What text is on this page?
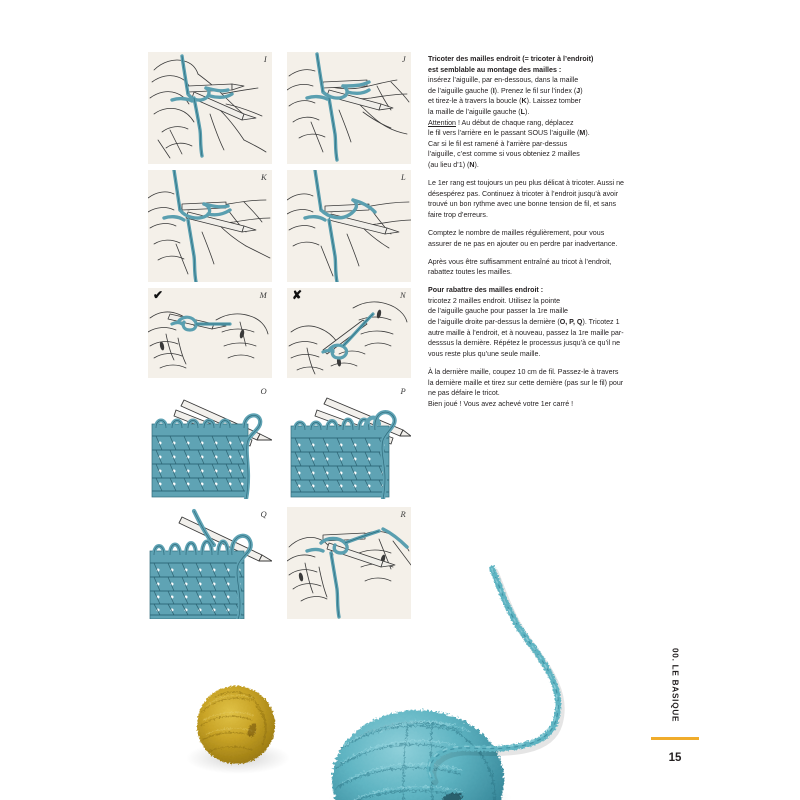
I	J
K	L
✔	M ✘	N
O	P
Q	R

Tricoter des mailles endroit (= tricoter à l’endroit)
est semblable au montage des mailles :
insérez l’aiguille, par en-dessous, dans la maille
de l’aiguille gauche (I). Prenez le fil sur l’index (J)
et tirez-le à travers la boucle (K). Laissez tomber
la maille de l’aiguille gauche (L).
Attention ! Au début de chaque rang, déplacez
le fil vers l’arrière en le passant SOUS l’aiguille (M).
Car si le fil est ramené à l’arrière par-dessus
l’aiguille, c’est comme si vous obteniez 2 mailles
(au lieu d’1) (N).

Le 1er rang est toujours un peu plus délicat à tricoter. Aussi ne désespérez pas. Continuez à tricoter à l’endroit jusqu’à avoir trouvé un bon rythme avec une bonne tension de fil, et sans faire trop d’erreurs.

Comptez le nombre de mailles régulièrement, pour vous assurer de ne pas en ajouter ou en perdre par inadvertance.

Après vous être suffisamment entraîné au tricot à l’endroit, rabattez toutes les mailles.

Pour rabattre des mailles endroit :
tricotez 2 mailles endroit. Utilisez la pointe
de l’aiguille gauche pour passer la 1re maille
de l’aiguille droite par-dessus la dernière (O, P, Q). Tricotez 1 autre maille à l’endroit, et à nouveau, passez la 1re maille par-desssus la dernière. Répétez le processus jusqu’à ce qu’il ne vous reste plus qu’une seule maille.

À la dernière maille, coupez 10 cm de fil. Passez-le à travers la dernière maille et tirez sur cette dernière (pas sur le fil) pour ne pas défaire le tricot.
Bien joué ! Vous avez achevé votre 1er carré !

00. LE BASIQUE
15
